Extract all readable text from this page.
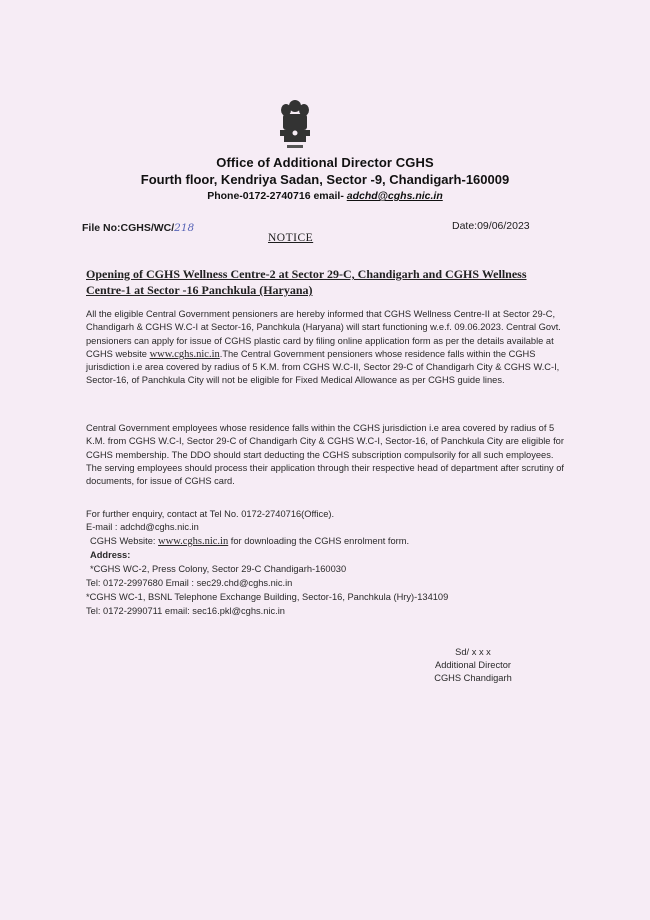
Office of Additional Director CGHS
Fourth floor, Kendriya Sadan, Sector -9, Chandigarh-160009
Phone-0172-2740716 email- adchd@cghs.nic.in
File No:CGHS/WC/218	Date:09/06/2023
NOTICE
Opening of CGHS Wellness Centre-2 at Sector 29-C, Chandigarh and CGHS Wellness Centre-1 at Sector -16 Panchkula (Haryana)

All the eligible Central Government pensioners are hereby informed that CGHS Wellness Centre-II at Sector 29-C, Chandigarh & CGHS W.C-I at Sector-16, Panchkula (Haryana) will start functioning w.e.f. 09.06.2023. Central Govt. pensioners can apply for issue of CGHS plastic card by filing online application form as per the details available at CGHS website www.cghs.nic.in.The Central Government pensioners whose residence falls within the CGHS jurisdiction i.e area covered by radius of 5 K.M. from CGHS W.C-II, Sector 29-C of Chandigarh City & CGHS W.C-I, Sector-16, of Panchkula City will not be eligible for Fixed Medical Allowance as per CGHS guide lines.

Central Government employees whose residence falls within the CGHS jurisdiction i.e area covered by radius of 5 K.M. from CGHS W.C-I, Sector 29-C of Chandigarh City & CGHS W.C-I, Sector-16, of Panchkula City are eligible for CGHS membership. The DDO should start deducting the CGHS subscription compulsorily for all such employees. The serving employees should process their application through their respective head of department after scrutiny of documents, for issue of CGHS card.

For further enquiry, contact at Tel No. 0172-2740716(Office).
E-mail : adchd@cghs.nic.in
CGHS Website: www.cghs.nic.in for downloading the CGHS enrolment form.
Address:
*CGHS WC-2, Press Colony, Sector 29-C Chandigarh-160030
Tel: 0172-2997680 Email : sec29.chd@cghs.nic.in
*CGHS WC-1, BSNL Telephone Exchange Building, Sector-16, Panchkula (Hry)-134109
Tel: 0172-2990711 email: sec16.pkl@cghs.nic.in
Sd/ x x x
Additional Director
CGHS Chandigarh
